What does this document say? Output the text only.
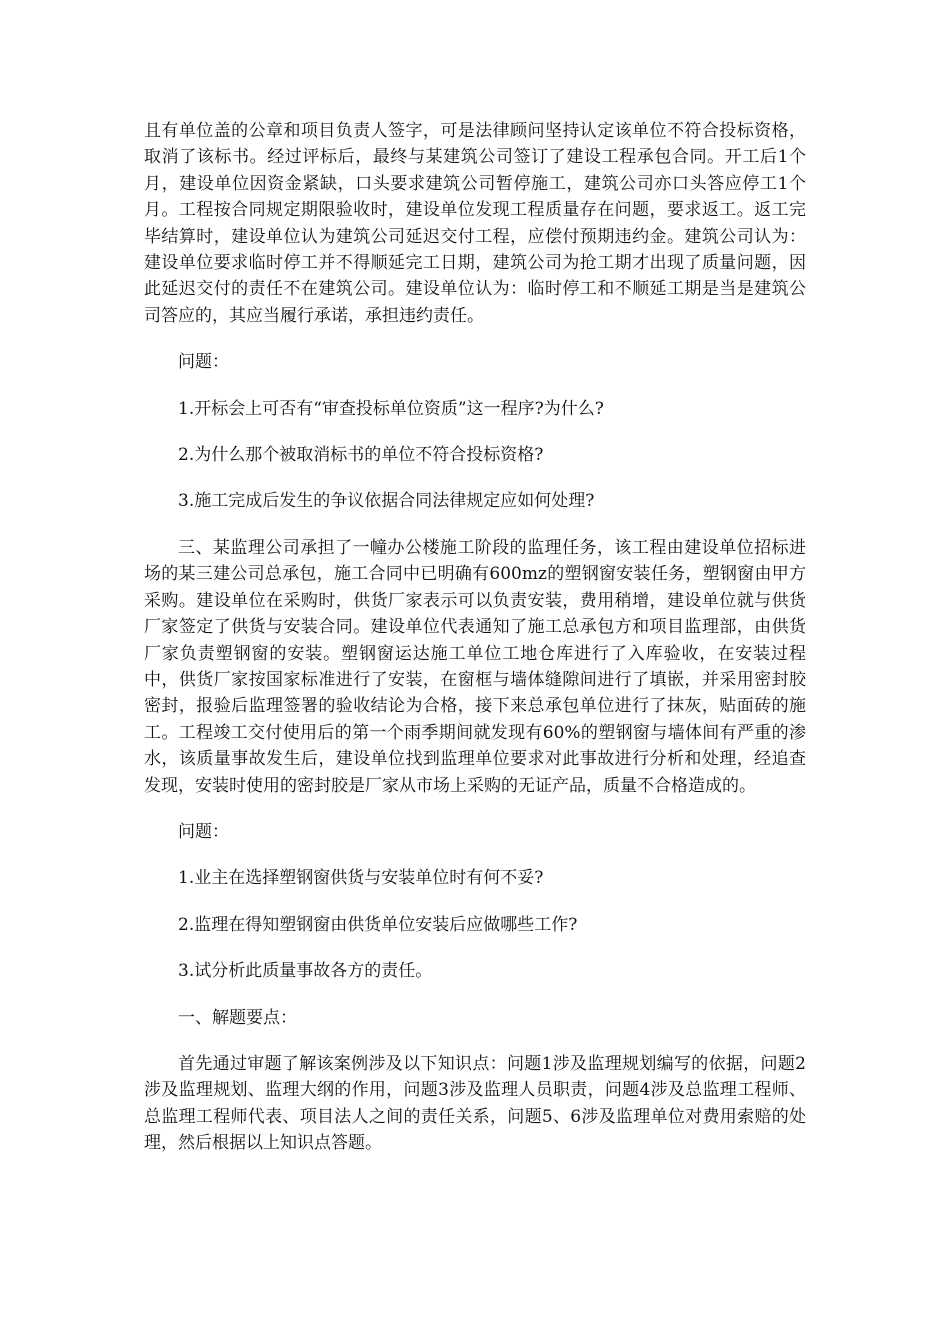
且有单位盖的公章和项目负责人签字，可是法律顾问坚持认定该单位不符合投标资格，取消了该标书。经过评标后，最终与某建筑公司签订了建设工程承包合同。开工后1个月，建设单位因资金紧缺，口头要求建筑公司暂停施工，建筑公司亦口头答应停工1个月。工程按合同规定期限验收时，建设单位发现工程质量存在问题，要求返工。返工完毕结算时，建设单位认为建筑公司延迟交付工程，应偿付预期违约金。建筑公司认为：建设单位要求临时停工并不得顺延完工日期，建筑公司为抢工期才出现了质量问题，因此延迟交付的责任不在建筑公司。建设单位认为：临时停工和不顺延工期是当是建筑公司答应的，其应当履行承诺，承担违约责任。

问题：

1.开标会上可否有“审查投标单位资质”这一程序?为什么?

2.为什么那个被取消标书的单位不符合投标资格?

3.施工完成后发生的争议依据合同法律规定应如何处理?

三、某监理公司承担了一幢办公楼施工阶段的监理任务，该工程由建设单位招标进场的某三建公司总承包，施工合同中已明确有600mz的塑钢窗安装任务，塑钢窗由甲方采购。建设单位在采购时，供货厂家表示可以负责安装，费用稍增，建设单位就与供货厂家签定了供货与安装合同。建设单位代表通知了施工总承包方和项目监理部，由供货厂家负责塑钢窗的安装。塑钢窗运达施工单位工地仓库进行了入库验收，在安装过程中，供货厂家按国家标准进行了安装，在窗框与墙体缝隙间进行了填嵌，并采用密封胶密封，报验后监理签署的验收结论为合格，接下来总承包单位进行了抹灰，贴面砖的施工。工程竣工交付使用后的第一个雨季期间就发现有60%的塑钢窗与墙体间有严重的渗水，该质量事故发生后，建设单位找到监理单位要求对此事故进行分析和处理，经追查发现，安装时使用的密封胶是厂家从市场上采购的无证产品，质量不合格造成的。

问题：

1.业主在选择塑钢窗供货与安装单位时有何不妥?

2.监理在得知塑钢窗由供货单位安装后应做哪些工作?

3.试分析此质量事故各方的责任。

一、解题要点：

首先通过审题了解该案例涉及以下知识点：问题1涉及监理规划编写的依据，问题2涉及监理规划、监理大纲的作用，问题3涉及监理人员职责，问题4涉及总监理工程师、总监理工程师代表、项目法人之间的责任关系，问题5、6涉及监理单位对费用索赔的处理，然后根据以上知识点答题。
